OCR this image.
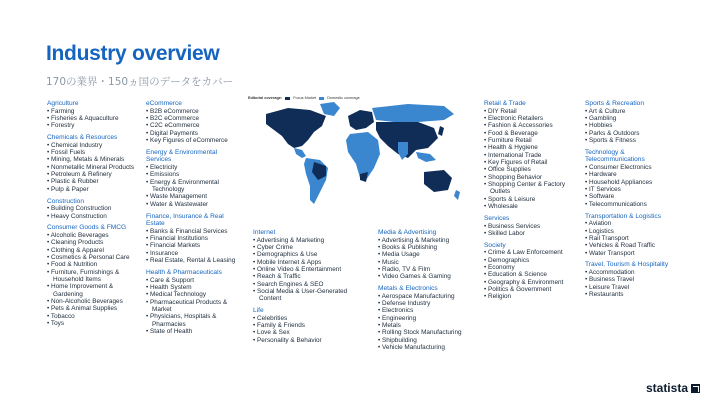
Industry overview
170の業界・150ヵ国のデータをカバー
Agriculture
• Farming
• Fisheries & Aquaculture
• Forestry
Chemicals & Resources
• Chemical Industry
• Fossil Fuels
• Mining, Metals & Minerals
• Nonmetallic Mineral Products
• Petroleum & Refinery
• Plastic & Rubber
• Pulp & Paper
Construction
• Building Construction
• Heavy Construction
Consumer Goods & FMCG
• Alcoholic Beverages
• Cleaning Products
• Clothing & Apparel
• Cosmetics & Personal Care
• Food & Nutrition
• Furniture, Furnishings & Household Items
• Home Improvement & Gardening
• Non-Alcoholic Beverages
• Pets & Animal Supplies
• Tobacco
• Toys
eCommerce
• B2B eCommerce
• B2C eCommerce
• C2C eCommerce
• Digital Payments
• Key Figures of eCommerce
Energy & Environmental Services
• Electricity
• Emissions
• Energy & Environmental Technology
• Waste Management
• Water & Wastewater
Finance, Insurance & Real Estate
• Banks & Financial Services
• Financial Institutions
• Financial Markets
• Insurance
• Real Estate, Rental & Leasing
Health & Pharmaceuticals
• Care & Support
• Health System
• Medical Technology
• Pharmaceutical Products & Market
• Physicians, Hospitals & Pharmacies
• State of Health
Internet
• Advertising & Marketing
• Cyber Crime
• Demographics & Use
• Mobile Internet & Apps
• Online Video & Entertainment
• Reach & Traffic
• Search Engines & SEO
• Social Media & User-Generated Content
Life
• Celebrities
• Family & Friends
• Love & Sex
• Personality & Behavior
Media & Advertising
• Advertising & Marketing
• Books & Publishing
• Media Usage
• Music
• Radio, TV & Film
• Video Games & Gaming
Metals & Electronics
• Aerospace Manufacturing
• Defense Industry
• Electronics
• Engineering
• Metals
• Rolling Stock Manufacturing
• Shipbuilding
• Vehicle Manufacturing
Retail & Trade
• DIY Retail
• Electronic Retailers
• Fashion & Accessories
• Food & Beverage
• Furniture Retail
• Health & Hygiene
• International Trade
• Key Figures of Retail
• Office Supplies
• Shopping Behavior
• Shopping Center & Factory Outlets
• Sports & Leisure
• Wholesale
Services
• Business Services
• Skilled Labor
Society
• Crime & Law Enforcement
• Demographics
• Economy
• Education & Science
• Geography & Environment
• Politics & Government
• Religion
Sports & Recreation
• Art & Culture
• Gambling
• Hobbies
• Parks & Outdoors
• Sports & Fitness
Technology & Telecommunications
• Consumer Electronics
• Hardware
• Household Appliances
• IT Services
• Software
• Telecommunications
Transportation & Logistics
• Aviation
• Logistics
• Rail Transport
• Vehicles & Road Traffic
• Water Transport
Travel, Tourism & Hospitality
• Accommodation
• Business Travel
• Leisure Travel
• Restaurants
Editorial coverage:	Focus Market	Domestic coverage
statista
